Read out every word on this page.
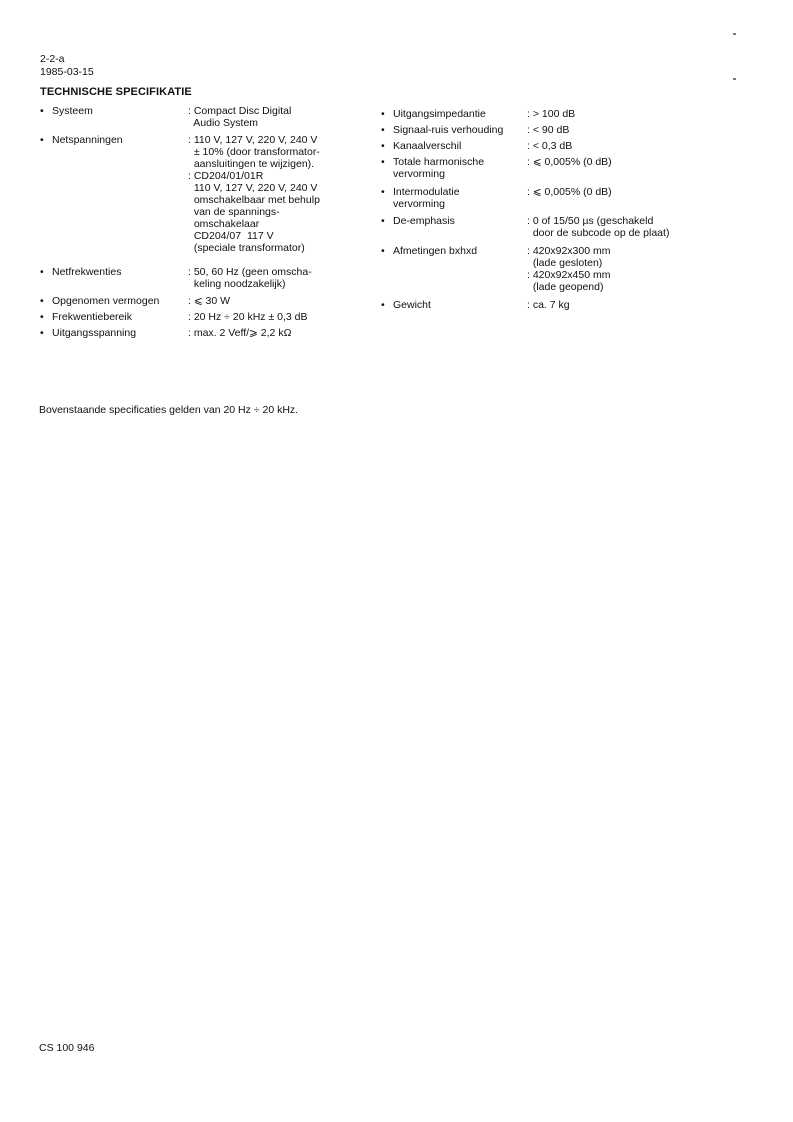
2-2-a
1985-03-15
TECHNISCHE SPECIFIKATIE
• Systeem	: Compact Disc Digital
Audio System
• Netspanningen	: 110 V, 127 V, 220 V, 240 V
± 10% (door transformator-
aansluitingen te wijzigen).
: CD204/01/01R
110 V, 127 V, 220 V, 240 V
omschakelbaar met behulp
van de spannings-
omschakelaar
CD204/07  117 V
(speciale transformator)
• Netfrekwenties	: 50, 60 Hz (geen omscha-
keling noodzakelijk)
• Opgenomen vermogen	: ⩽ 30 W
• Frekwentiebereik	: 20 Hz ÷ 20 kHz ± 0,3 dB
• Uitgangsspanning	: max. 2 Veff/⩾ 2,2 kΩ
• Uitgangsimpedantie	: > 100 dB
• Signaal-ruis verhouding	: < 90 dB
• Kanaalverschil	: < 0,3 dB
• Totale harmonische vervorming
: ⩽ 0,005% (0 dB)
• Intermodulatie vervorming
: ⩽ 0,005% (0 dB)
• De-emphasis	: 0 of 15/50 µs (geschakeld
door de subcode op de plaat)
• Afmetingen bxhxd	: 420x92x300 mm
(lade gesloten)
: 420x92x450 mm
(lade geopend)
• Gewicht	: ca. 7 kg
Bovenstaande specificaties gelden van 20 Hz ÷ 20 kHz.
CS 100 946
